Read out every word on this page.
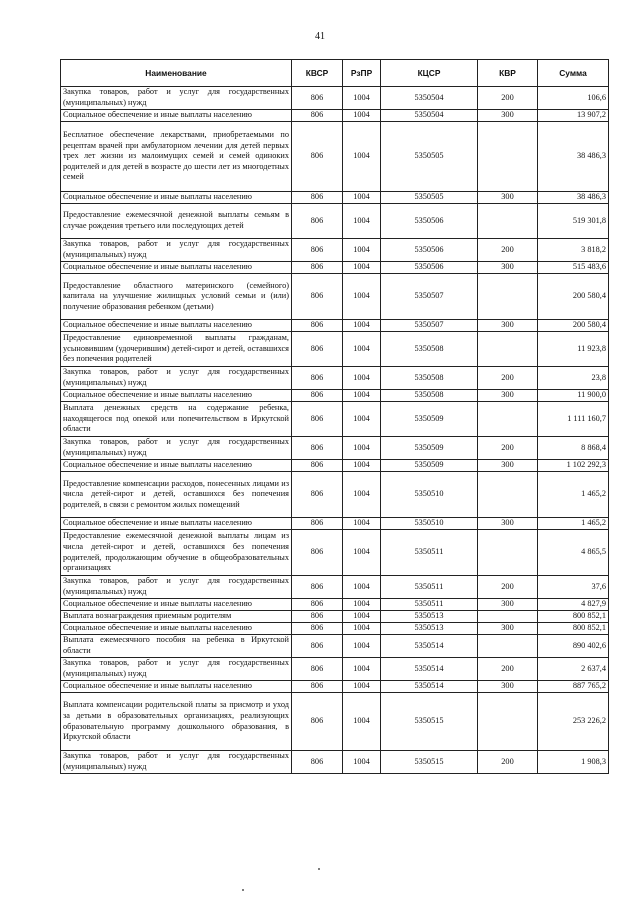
41
Наименование	КВСР	РзПР	КЦСР	КВР	Сумма
Закупка товаров, работ и услуг для государственных (муниципальных) нужд	806	1004	5350504	200	106,6
Социальное обеспечение и иные выплаты населению	806	1004	5350504	300	13 907,2
Бесплатное обеспечение лекарствами, приобретаемыми по рецептам врачей при амбулаторном лечении для детей первых трех лет жизни из малоимущих семей и семей одиноких родителей и для детей в возрасте до шести лет из многодетных семей	806	1004	5350505		38 486,3
Социальное обеспечение и иные выплаты населению	806	1004	5350505	300	38 486,3
Предоставление ежемесячной денежной выплаты семьям в случае рождения третьего или последующих детей	806	1004	5350506		519 301,8
Закупка товаров, работ и услуг для государственных (муниципальных) нужд	806	1004	5350506	200	3 818,2
Социальное обеспечение и иные выплаты населению	806	1004	5350506	300	515 483,6
Предоставление областного материнского (семейного) капитала на улучшение жилищных условий семьи и (или) получение образования ребенком (детьми)	806	1004	5350507		200 580,4
Социальное обеспечение и иные выплаты населению	806	1004	5350507	300	200 580,4
Предоставление единовременной выплаты гражданам, усыновившим (удочерившим) детей-сирот и детей, оставшихся без попечения родителей	806	1004	5350508		11 923,8
Закупка товаров, работ и услуг для государственных (муниципальных) нужд	806	1004	5350508	200	23,8
Социальное обеспечение и иные выплаты населению	806	1004	5350508	300	11 900,0
Выплата денежных средств на содержание ребенка, находящегося под опекой или попечительством в Иркутской области	806	1004	5350509		1 111 160,7
Закупка товаров, работ и услуг для государственных (муниципальных) нужд	806	1004	5350509	200	8 868,4
Социальное обеспечение и иные выплаты населению	806	1004	5350509	300	1 102 292,3
Предоставление компенсации расходов, понесенных лицами из числа детей-сирот и детей, оставшихся без попечения родителей, в связи с ремонтом жилых помещений	806	1004	5350510		1 465,2
Социальное обеспечение и иные выплаты населению	806	1004	5350510	300	1 465,2
Предоставление ежемесячной денежной выплаты лицам из числа детей-сирот и детей, оставшихся без попечения родителей, продолжающим обучение в общеобразовательных организациях	806	1004	5350511		4 865,5
Закупка товаров, работ и услуг для государственных (муниципальных) нужд	806	1004	5350511	200	37,6
Социальное обеспечение и иные выплаты населению	806	1004	5350511	300	4 827,9
Выплата вознаграждения приемным родителям	806	1004	5350513		800 852,1
Социальное обеспечение и иные выплаты населению	806	1004	5350513	300	800 852,1
Выплата ежемесячного пособия на ребенка в Иркутской области	806	1004	5350514		890 402,6
Закупка товаров, работ и услуг для государственных (муниципальных) нужд	806	1004	5350514	200	2 637,4
Социальное обеспечение и иные выплаты населению	806	1004	5350514	300	887 765,2
Выплата компенсации родительской платы за присмотр и уход за детьми в образовательных организациях, реализующих образовательную программу дошкольного образования, в Иркутской области	806	1004	5350515		253 226,2
Закупка товаров, работ и услуг для государственных (муниципальных) нужд	806	1004	5350515	200	1 908,3
